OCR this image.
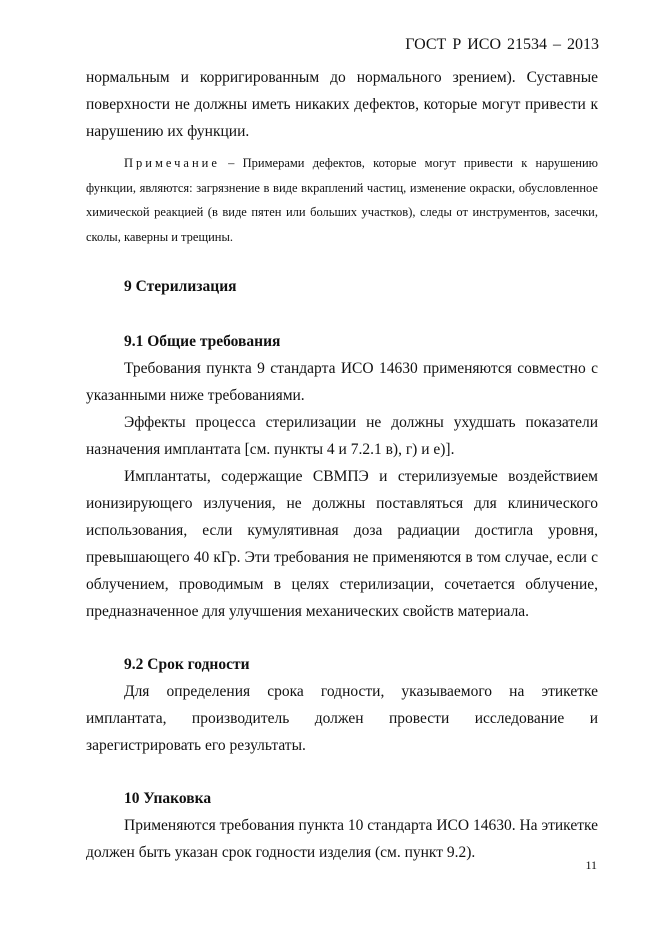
ГОСТ Р ИСО 21534 – 2013

нормальным и корригированным до нормального зрением). Суставные поверхности не должны иметь никаких дефектов, которые могут привести к нарушению их функции.

Примечание – Примерами дефектов, которые могут привести к нарушению функции, являются: загрязнение в виде вкраплений частиц, изменение окраски, обусловленное химической реакцией (в виде пятен или больших участков), следы от инструментов, засечки, сколы, каверны и трещины.
9 Стерилизация
9.1 Общие требования

Требования пункта 9 стандарта ИСО 14630 применяются совместно с указанными ниже требованиями.

Эффекты процесса стерилизации не должны ухудшать показатели назначения имплантата [см. пункты 4 и 7.2.1 в), г) и е)].

Имплантаты, содержащие СВМПЭ и стерилизуемые воздействием ионизирующего излучения, не должны поставляться для клинического использования, если кумулятивная доза радиации достигла уровня, превышающего 40 кГр. Эти требования не применяются в том случае, если с облучением, проводимым в целях стерилизации, сочетается облучение, предназначенное для улучшения механических свойств материала.

9.2 Срок годности

Для определения срока годности, указываемого на этикетке имплантата, производитель должен провести исследование и зарегистрировать его результаты.

10 Упаковка

Применяются требования пункта 10 стандарта ИСО 14630. На этикетке должен быть указан срок годности изделия (см. пункт 9.2).

11
